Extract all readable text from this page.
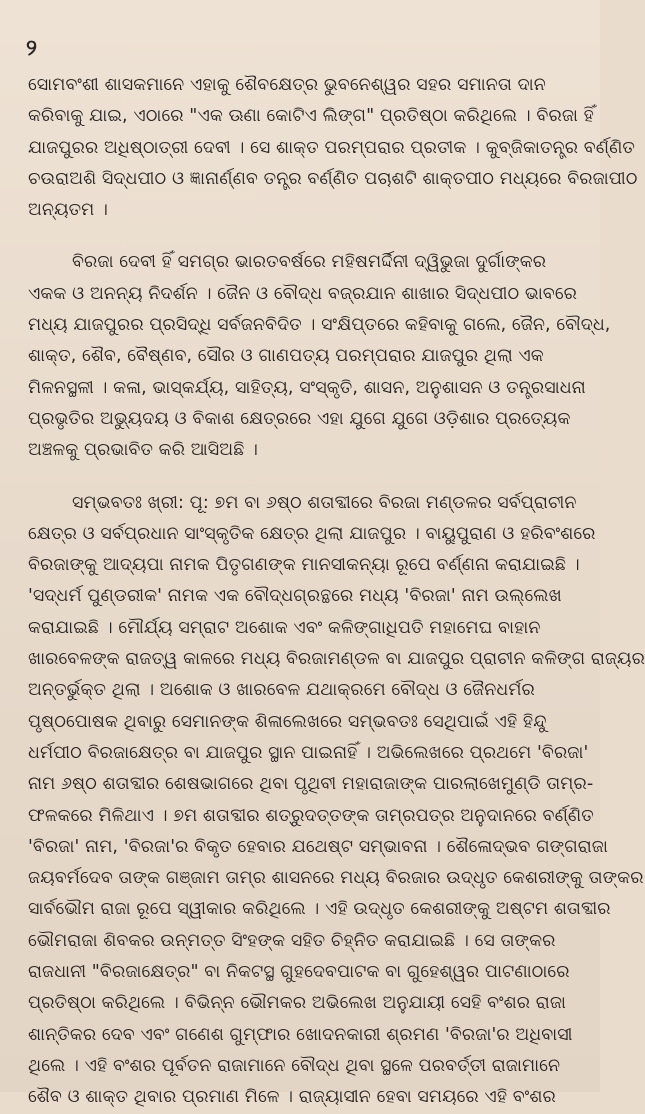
୨
ସୋମବଂଶୀ ଶାସକମାନେ ଏହାକୁ ଶୈବକ୍ଷେତ୍ର ଭୁବନେଶ୍ୱର ସହର ସମାନତା ଦାନ
କରିବାକୁ ଯାଇ, ଏଠାରେ "ଏକ ଊଣା କୋଟିଏ ଲିଙ୍ଗ" ପ୍ରତିଷ୍ଠା କରିଥିଲେ । ବିରଜା ହିଁ
ଯାଜପୁରର ଅଧିଷ୍ଠାତ୍ରୀ ଦେବୀ । ସେ ଶାକ୍ତ ପରମ୍ପରାର ପ୍ରତୀକ । କୁବ୍ଜିକାତନ୍ତ୍ର ବର୍ଣ୍ଣିତ
ଚଉରାଅଶି ସିଦ୍ଧପୀଠ ଓ ଜ୍ଞାନାର୍ଣ୍ଣବ ତନ୍ତ୍ର ବର୍ଣ୍ଣିତ ପଚାଶଟି ଶାକ୍ତପୀଠ ମଧ୍ୟରେ ବିରଜାପୀଠ
ଅନ୍ୟତମ ।
ବିରଜା ଦେବୀ ହିଁ ସମଗ୍ର ଭାରତବର୍ଷରେ ମହିଷମର୍ଦ୍ଦିନୀ ଦ୍ୱିଭୁଜା ଦୁର୍ଗାଙ୍କର
ଏକକ ଓ ଅନନ୍ୟ ନିଦର୍ଶନ । ଜୈନ ଓ ବୌଦ୍ଧ ବଜ୍ରଯାନ ଶାଖାର ସିଦ୍ଧପୀଠ ଭାବରେ
ମଧ୍ୟ ଯାଜପୁରର ପ୍ରସିଦ୍ଧି ସର୍ବଜନବିଦିତ । ସଂକ୍ଷିପ୍ତରେ କହିବାକୁ ଗଲେ, ଜୈନ, ବୌଦ୍ଧ,
ଶାକ୍ତ, ଶୈବ, ବୈଷ୍ଣବ, ସୌର ଓ ଗାଣପତ୍ୟ ପରମ୍ପରାର ଯାଜପୁର ଥିଲା ଏକ
ମିଳନସ୍ଥଳୀ । କଳା, ଭାସ୍କର୍ଯ୍ୟ, ସାହିତ୍ୟ, ସଂସ୍କୃତି, ଶାସନ, ଅନୁଶାସନ ଓ ତନ୍ତ୍ରସାଧନା
ପ୍ରଭୃତିର ଅଭ୍ୟୁଦୟ ଓ ବିକାଶ କ୍ଷେତ୍ରରେ ଏହା ଯୁଗେ ଯୁଗେ ଓଡ଼ିଶାର ପ୍ରତ୍ୟେକ
ଅଞ୍ଚଳକୁ ପ୍ରଭାବିତ କରି ଆସିଅଛି ।
ସମ୍ଭବତଃ ଖ୍ରୀ: ପୂ: ୭ମ ବା ୬ଷ୍ଠ ଶତାବ୍ଦୀରେ ବିରଜା ମଣ୍ଡଳର ସର୍ବପ୍ରାଚୀନ
କ୍ଷେତ୍ର ଓ ସର୍ବପ୍ରଧାନ ସାଂସ୍କୃତିକ କ୍ଷେତ୍ର ଥିଲା ଯାଜପୁର । ବାୟୁପୁରାଣ ଓ ହରିବଂଶରେ
ବିରଜାଙ୍କୁ ଆଦ୍ୟପା ନାମକ ପିତୃଗଣଙ୍କ ମାନସୀକନ୍ୟା ରୂପେ ବର୍ଣ୍ଣନା କରାଯାଇଛି ।
'ସଦ୍ଧର୍ମ ପୁଣ୍ଡରୀକ' ନାମକ ଏକ ବୌଦ୍ଧଗ୍ରନ୍ଥରେ ମଧ୍ୟ 'ବିରଜା' ନାମ ଉଲ୍ଲେଖ
କରାଯାଇଛି । ମୌର୍ଯ୍ୟ ସମ୍ରାଟ ଅଶୋକ ଏବଂ କଳିଙ୍ଗାଧିପତି ମହାମେଘ ବାହାନ
ଖାରବେଳଙ୍କ ରାଜତ୍ୱ କାଳରେ ମଧ୍ୟ ବିରଜାମଣ୍ଡଳ ବା ଯାଜପୁର ପ୍ରାଚୀନ କଳିଙ୍ଗ ରାଜ୍ୟର
ଅନ୍ତର୍ଭୁକ୍ତ ଥିଲା । ଅଶୋକ ଓ ଖାରବେଳ ଯଥାକ୍ରମେ ବୌଦ୍ଧ ଓ ଜୈନଧର୍ମର
ପୃଷ୍ଠପୋଷକ ଥିବାରୁ ସେମାନଙ୍କ ଶିଳାଲେଖରେ ସମ୍ଭବତଃ ସେଥିପାଇଁ ଏହି ହିନ୍ଦୁ
ଧର୍ମପୀଠ ବିରଜାକ୍ଷେତ୍ର ବା ଯାଜପୁର ସ୍ଥାନ ପାଇନାହିଁ । ଅଭିଲେଖରେ ପ୍ରଥମେ 'ବିରଜା'
ନାମ ୬ଷ୍ଠ ଶତାବ୍ଦୀର ଶେଷଭାଗରେ ଥିବା ପୃଥିବୀ ମହାରାଜାଙ୍କ ପାରଲାଖେମୁଣ୍ଡି ତାମ୍ର-
ଫଳକରେ ମିଳିଥାଏ । ୭ମ ଶତାବ୍ଦୀର ଶତ୍ରୁଦତ୍ତଙ୍କ ତାମ୍ରପତ୍ର ଅନୁଦାନରେ ବର୍ଣ୍ଣିତ
'ବିରଜା' ନାମ, 'ବିରଜା'ର ବିକୃତ ହେବାର ଯଥେଷ୍ଟ ସମ୍ଭାବନା । ଶୈଳୋଦ୍ଭବ ଗଙ୍ଗରାଜା
ଜୟବର୍ମଦେବ ତାଙ୍କ ଗଞ୍ଜାମ ତାମ୍ର ଶାସନରେ ମଧ୍ୟ ବିରଜାର ଉଦ୍ଧୃତ କେଶରୀଙ୍କୁ ତାଙ୍କର
ସାର୍ବଭୌମ ରାଜା ରୂପେ ସ୍ୱୀକାର କରିଥିଲେ । ଏହି ଉଦ୍ଧୃତ କେଶରୀଙ୍କୁ ଅଷ୍ଟମ ଶତାବ୍ଦୀର
ଭୌମରାଜା ଶିବକର ଉନ୍ମତ୍ତ ସିଂହଙ୍କ ସହିତ ଚିହ୍ନିତ କରାଯାଇଛି । ସେ ତାଙ୍କର
ରାଜଧାନୀ "ବିରଜାକ୍ଷେତ୍ର" ବା ନିକଟସ୍ଥ ଗୁହଦେବପାଟକ ବା ଗୁହେଶ୍ୱର ପାଟଣାଠାରେ
ପ୍ରତିଷ୍ଠା କରିଥିଲେ । ବିଭିନ୍ନ ଭୌମକର ଅଭିଲେଖ ଅନୁଯାୟୀ ସେହି ବଂଶର ରାଜା
ଶାନ୍ତିକର ଦେବ ଏବଂ ଗଣେଶ ଗୁମ୍ଫାର ଖୋଦନକାରୀ ଶ୍ରମଣ 'ବିରଜା'ର ଅଧିବାସୀ
ଥିଲେ । ଏହି ବଂଶର ପୂର୍ବତନ ରାଜାମାନେ ବୌଦ୍ଧ ଥିବା ସ୍ଥଳେ ପରବର୍ତ୍ତୀ ରାଜାମାନେ
ଶୈବ ଓ ଶାକ୍ତ ଥିବାର ପ୍ରମାଣ ମିଳେ । ରାଜ୍ୟାସୀନ ହେବା ସମୟରେ ଏହି ବଂଶର
